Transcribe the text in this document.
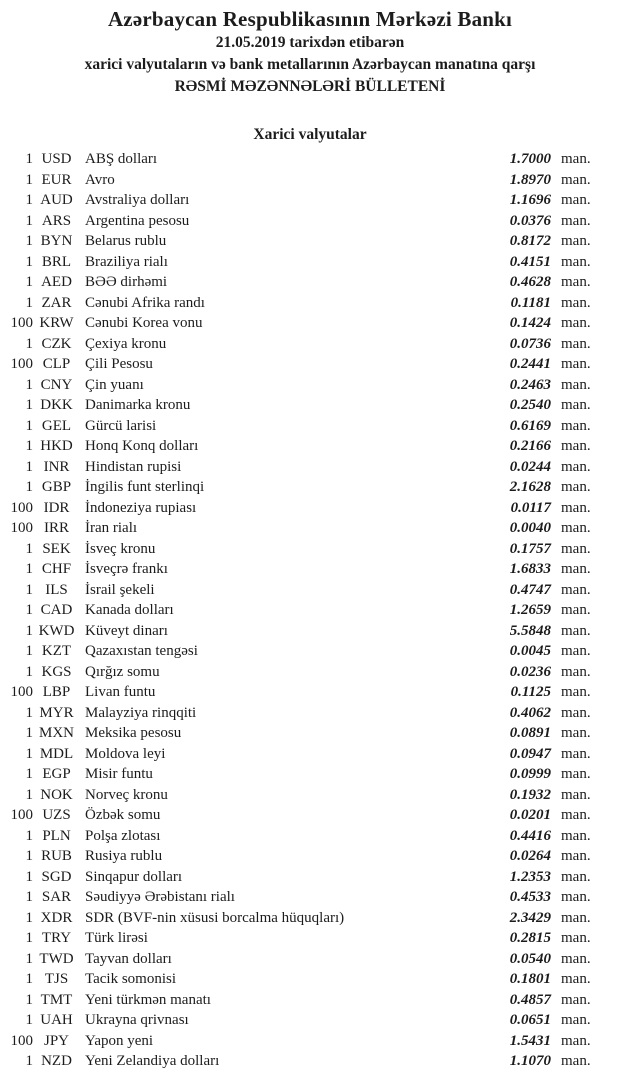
Azərbaycan Respublikasının Mərkəzi Bankı
21.05.2019 tarixdən etibarən
xarici valyutaların və bank metallarının Azərbaycan manatına qarşı
RƏSMİ MƏZƏNNƏLƏRİ BÜLLETENİ
Xarici valyutalar
1 USD ABŞ dolları	1.7000 man.
1 EUR Avro	1.8970 man.
1 AUD Avstraliya dolları	1.1696 man.
1 ARS Argentina pesosu	0.0376 man.
1 BYN Belarus rublu	0.8172 man.
1 BRL Braziliya rialı	0.4151 man.
1 AED BƏƏ dirhəmi	0.4628 man.
1 ZAR Cənubi Afrika randı	0.1181 man.
100 KRW Cənubi Korea vonu	0.1424 man.
1 CZK Çexiya kronu	0.0736 man.
100 CLP Çili Pesosu	0.2441 man.
1 CNY Çin yuanı	0.2463 man.
1 DKK Danimarka kronu	0.2540 man.
1 GEL Gürcü larisi	0.6169 man.
1 HKD Honq Konq dolları	0.2166 man.
1 INR	Hindistan rupisi	0.0244 man.
1 GBP İngilis funt sterlinqi	2.1628 man.
100 IDR	İndoneziya rupiası	0.0117 man.
100 IRR	İran rialı	0.0040 man.
1 SEK İsveç kronu	0.1757 man.
1 CHF İsveçrə frankı	1.6833 man.
1 ILS	İsrail şekeli	0.4747 man.
1 CAD Kanada dolları	1.2659 man.
1 KWD Küveyt dinarı	5.5848 man.
1 KZT Qazaxıstan tengəsi	0.0045 man.
1 KGS Qırğız somu	0.0236 man.
100 LBP Livan funtu	0.1125 man.
1 MYR Malayziya rinqqiti	0.4062 man.
1 MXN Meksika pesosu	0.0891 man.
1 MDL Moldova leyi	0.0947 man.
1 EGP Misir funtu	0.0999 man.
1 NOK Norveç kronu	0.1932 man.
100 UZS Özbək somu	0.0201 man.
1 PLN Polşa zlotası	0.4416 man.
1 RUB Rusiya rublu	0.0264 man.
1 SGD Sinqapur dolları	1.2353 man.
1 SAR Səudiyyə Ərəbistanı rialı	0.4533 man.
1 XDR SDR (BVF-nin xüsusi borcalma hüquqları)	2.3429 man.
1 TRY Türk lirəsi	0.2815 man.
1 TWD Tayvan dolları	0.0540 man.
1 TJS	Tacik somonisi	0.1801 man.
1 TMT Yeni türkmən manatı	0.4857 man.
1 UAH Ukrayna qrivnası	0.0651 man.
100 JPY	Yapon yeni	1.5431 man.
1 NZD Yeni Zelandiya dolları	1.1070 man.
